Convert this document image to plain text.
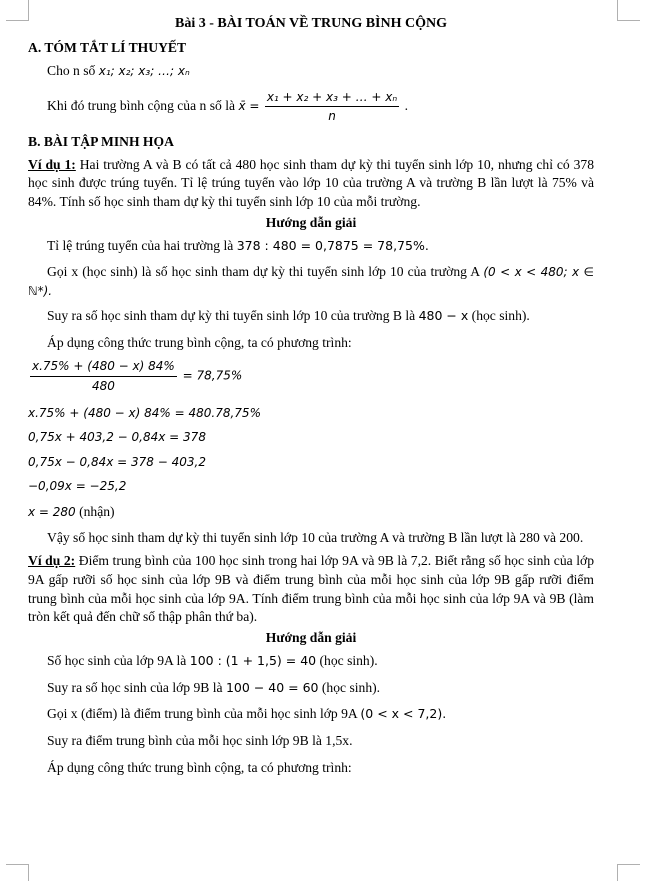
Bài 3 - BÀI TOÁN VỀ TRUNG BÌNH CỘNG
A. TÓM TẮT LÍ THUYẾT

Cho n số x₁; x₂; x₃; …; xₙ

Khi đó trung bình cộng của n số là x̄ = $\frac{\text{x₁ + x₂ + x₃ + … + xₙ}}{n}$ .

B. BÀI TẬP MINH HỌA

Ví dụ 1: Hai trường A và B có tất cả 480 học sinh tham dự kỳ thi tuyển sinh lớp 10, nhưng chỉ có 378 học sinh được trúng tuyển. Tỉ lệ trúng tuyển vào lớp 10 của trường A và trường B lần lượt là 75% và 84%. Tính số học sinh tham dự kỳ thi tuyển sinh lớp 10 của mỗi trường.

Hướng dẫn giải

Tỉ lệ trúng tuyển của hai trường là 378 : 480 = 0,7875 = 78,75%.

Gọi x (học sinh) là số học sinh tham dự kỳ thi tuyển sinh lớp 10 của trường A (0 < x < 480; x ∈ ℕ*).

Suy ra số học sinh tham dự kỳ thi tuyển sinh lớp 10 của trường B là 480 − x (học sinh).

Áp dụng công thức trung bình cộng, ta có phương trình:

$\frac{x.75\% + (480 - x) 84\%}{480} = 78,75\%$

x.75% + (480 − x) 84% = 480.78,75%

0,75x + 403,2 − 0,84x = 378

0,75x − 0,84x = 378 − 403,2

−0,09x = −25,2

x = 280 (nhận)

Vậy số học sinh tham dự kỳ thi tuyển sinh lớp 10 của trường A và trường B lần lượt là 280 và 200.

Ví dụ 2: Điểm trung bình của 100 học sinh trong hai lớp 9A và 9B là 7,2. Biết rằng số học sinh của lớp 9A gấp rưỡi số học sinh của lớp 9B và điểm trung bình của mỗi học sinh của lớp 9B gấp rưỡi điểm trung bình của mỗi học sinh của lớp 9A. Tính điểm trung bình của mỗi học sinh của lớp 9A và 9B (làm tròn kết quả đến chữ số thập phân thứ ba).

Hướng dẫn giải

Số học sinh của lớp 9A là 100 : (1 + 1,5) = 40 (học sinh).

Suy ra số học sinh của lớp 9B là 100 − 40 = 60 (học sinh).

Gọi x (điểm) là điểm trung bình của mỗi học sinh lớp 9A (0 < x < 7,2).

Suy ra điểm trung bình của mỗi học sinh lớp 9B là 1,5x.

Áp dụng công thức trung bình cộng, ta có phương trình:
